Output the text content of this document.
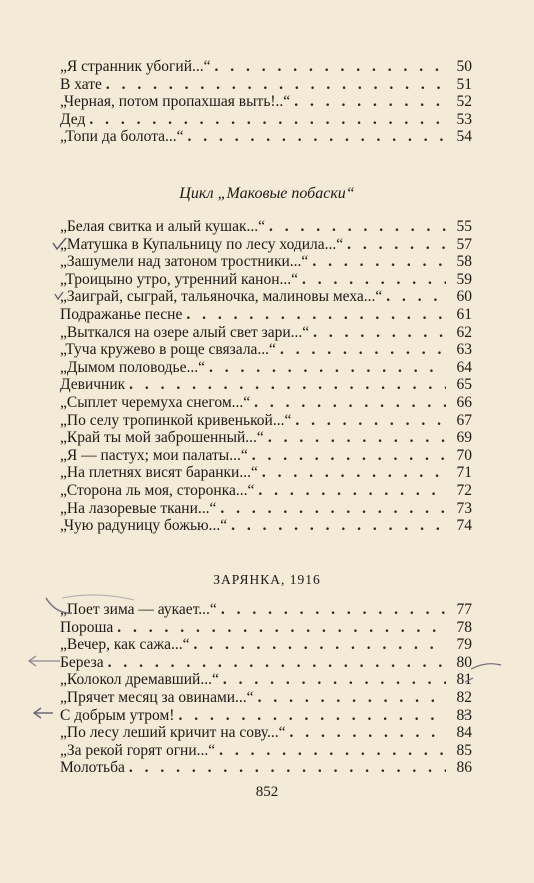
„Я странник убогий...“ . . .	50
В хате . . .	51
„Черная, потом пропахшая выть!..“ . . .	52
Дед . . .	53
„Топи да болота...“ . . .	54
Цикл „Маковые побаски“
„Белая свитка и алый кушак...“ . . .	55
„Матушка в Купальницу по лесу ходила...“ . . .	57
„Зашумели над затоном тростники...“ . . .	58
„Троицыно утро, утренний канон...“ . . .	59
„Заиграй, сыграй, тальяночка, малиновы меха...“ . . .	60
Подражанье песне . . .	61
„Выткался на озере алый свет зари...“ . . .	62
„Туча кружево в роще связала...“ . . .	63
„Дымом половодье...“ . . .	64
Девичник . . .	65
„Сыплет черемуха снегом...“ . . .	66
„По селу тропинкой кривенькой...“ . . .	67
„Край ты мой заброшенный...“ . . .	69
„Я — пастух; мои палаты...“ . . .	70
„На плетнях висят баранки...“ . . .	71
„Сторона ль моя, сторонка...“ . . .	72
„На лазоревые ткани...“ . . .	73
„Чую радуницу божью...“ . . .	74
ЗАРЯНКА, 1916
„Поет зима — аукает...“ . . .	77
Пороша . . .	78
„Вечер, как сажа...“ . . .	79
Береза . . .	80
„Колокол дремавший...“ . . .	81
„Прячет месяц за овинами...“ . . .	82
С добрым утром! . . .	83
„По лесу леший кричит на сову...“ . . .	84
„За рекой горят огни...“ . . .	85
Молотьба . . .	86
852
